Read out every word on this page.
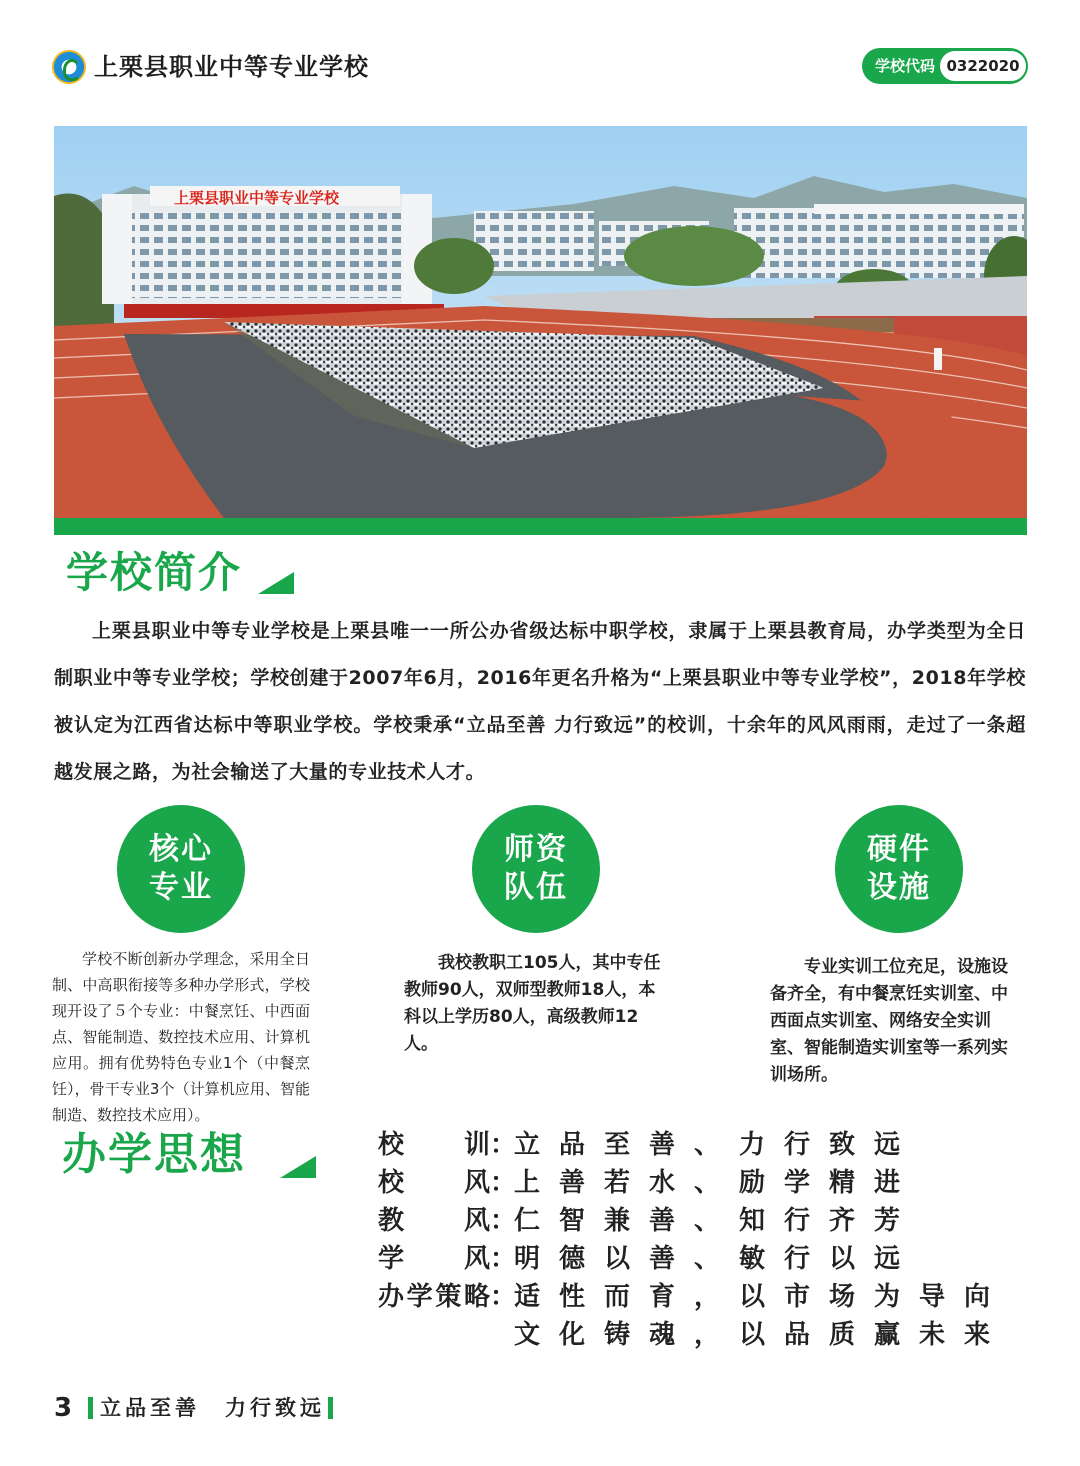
上栗县职业中等专业学校	学校代码 0322020
上栗县职业中等专业学校
学校简介
上栗县职业中等专业学校是上栗县唯一一所公办省级达标中职学校，隶属于上栗县教育局，办学类型为全日制职业中等专业学校；学校创建于2007年6月，2016年更名升格为“上栗县职业中等专业学校”，2018年学校被认定为江西省达标中等职业学校。学校秉承“立品至善 力行致远”的校训，十余年的风风雨雨，走过了一条超越发展之路，为社会输送了大量的专业技术人才。
核心
专业
师资
队伍
硬件
设施
学校不断创新办学理念，采用全日制、中高职衔接等多种办学形式，学校现开设了５个专业：中餐烹饪、中西面点、智能制造、数控技术应用、计算机应用。拥有优势特色专业1个（中餐烹饪），骨干专业3个（计算机应用、智能制造、数控技术应用）。
我校教职工105人，其中专任教师90人，双师型教师18人，本科以上学历80人，高级教师12人。
专业实训工位充足，设施设备齐全，有中餐烹饪实训室、中西面点实训室、网络安全实训室、智能制造实训室等一系列实训场所。
办学思想	校训 ：
立品至善、力行致远
校风 ：
上善若水、励学精进
教风 ：
仁智兼善、知行齐芳
学风 ：
明德以善、敏行以远
办学策略 ：
适性而育，以市场为导向
文化铸魂，以品质赢未来
3 立品至善　力行致远
